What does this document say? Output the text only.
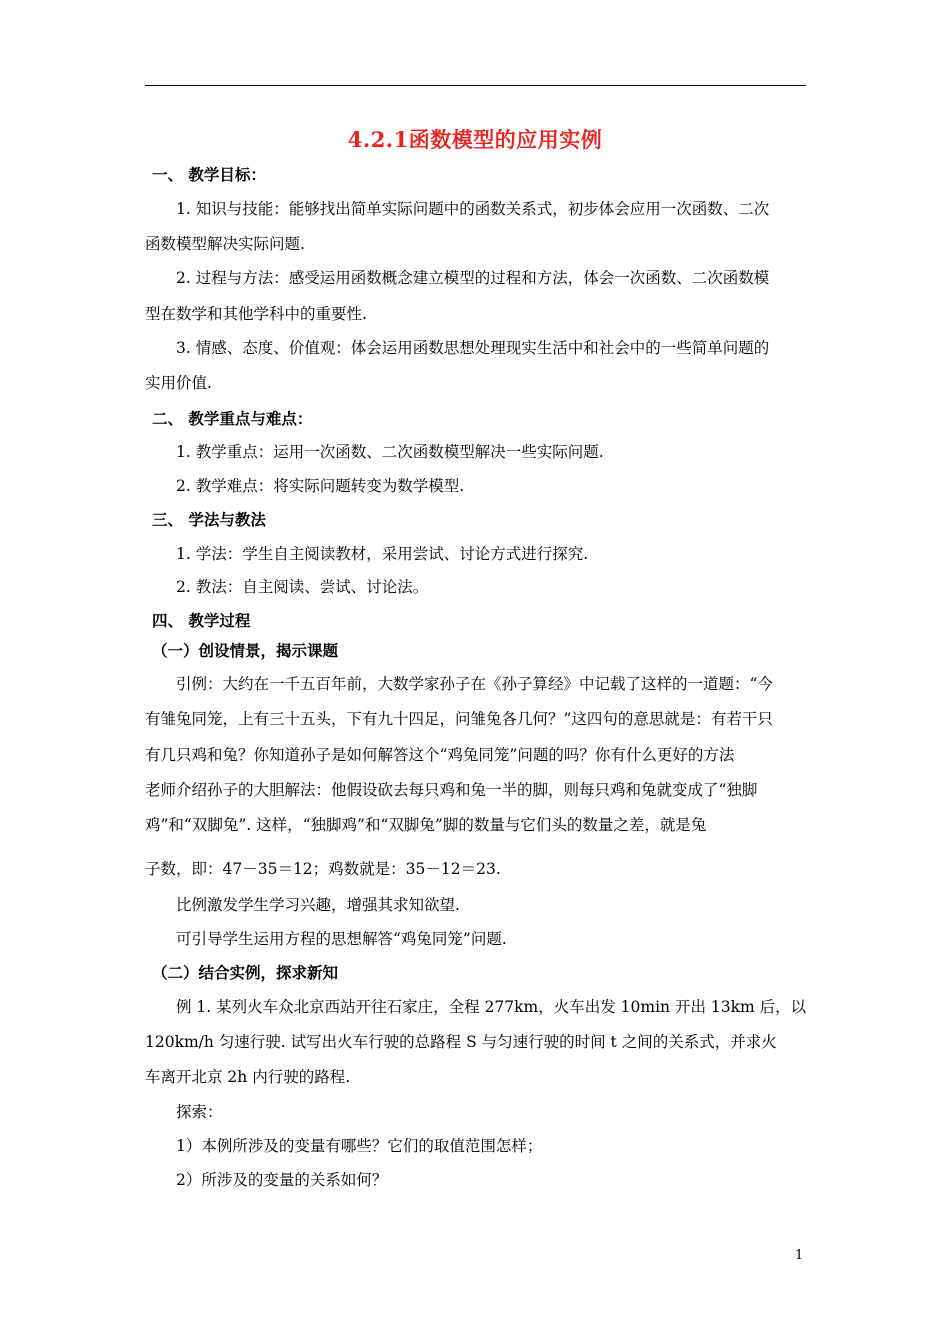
4.2.1函数模型的应用实例
一、 教学目标：
1. 知识与技能：能够找出简单实际问题中的函数关系式，初步体会应用一次函数、二次
函数模型解决实际问题.
2. 过程与方法：感受运用函数概念建立模型的过程和方法，体会一次函数、二次函数模
型在数学和其他学科中的重要性.
3. 情感、态度、价值观：体会运用函数思想处理现实生活中和社会中的一些简单问题的
实用价值.
二、 教学重点与难点：
1. 教学重点：运用一次函数、二次函数模型解决一些实际问题.
2. 教学难点：将实际问题转变为数学模型.
三、 学法与教法
1. 学法：学生自主阅读教材，采用尝试、讨论方式进行探究.
2. 教法：自主阅读、尝试、讨论法。
四、 教学过程
（一）创设情景，揭示课题
引例：大约在一千五百年前，大数学家孙子在《孙子算经》中记载了这样的一道题：“今
有雏兔同笼，上有三十五头，下有九十四足，问雏兔各几何？”这四句的意思就是：有若干只
有几只鸡和兔？你知道孙子是如何解答这个“鸡兔同笼”问题的吗？你有什么更好的方法
老师介绍孙子的大胆解法：他假设砍去每只鸡和兔一半的脚，则每只鸡和兔就变成了“独脚
鸡”和“双脚兔”. 这样，“独脚鸡”和“双脚兔”脚的数量与它们头的数量之差，就是兔
子数，即：47－35＝12；鸡数就是：35－12＝23.
比例激发学生学习兴趣，增强其求知欲望.
可引导学生运用方程的思想解答“鸡兔同笼”问题.
（二）结合实例，探求新知
例 1. 某列火车众北京西站开往石家庄，全程 277km，火车出发 10min 开出 13km 后，以
120km/h 匀速行驶. 试写出火车行驶的总路程 S 与匀速行驶的时间 t 之间的关系式，并求火
车离开北京 2h 内行驶的路程.
探索：
1）本例所涉及的变量有哪些？它们的取值范围怎样；
2）所涉及的变量的关系如何？
1
